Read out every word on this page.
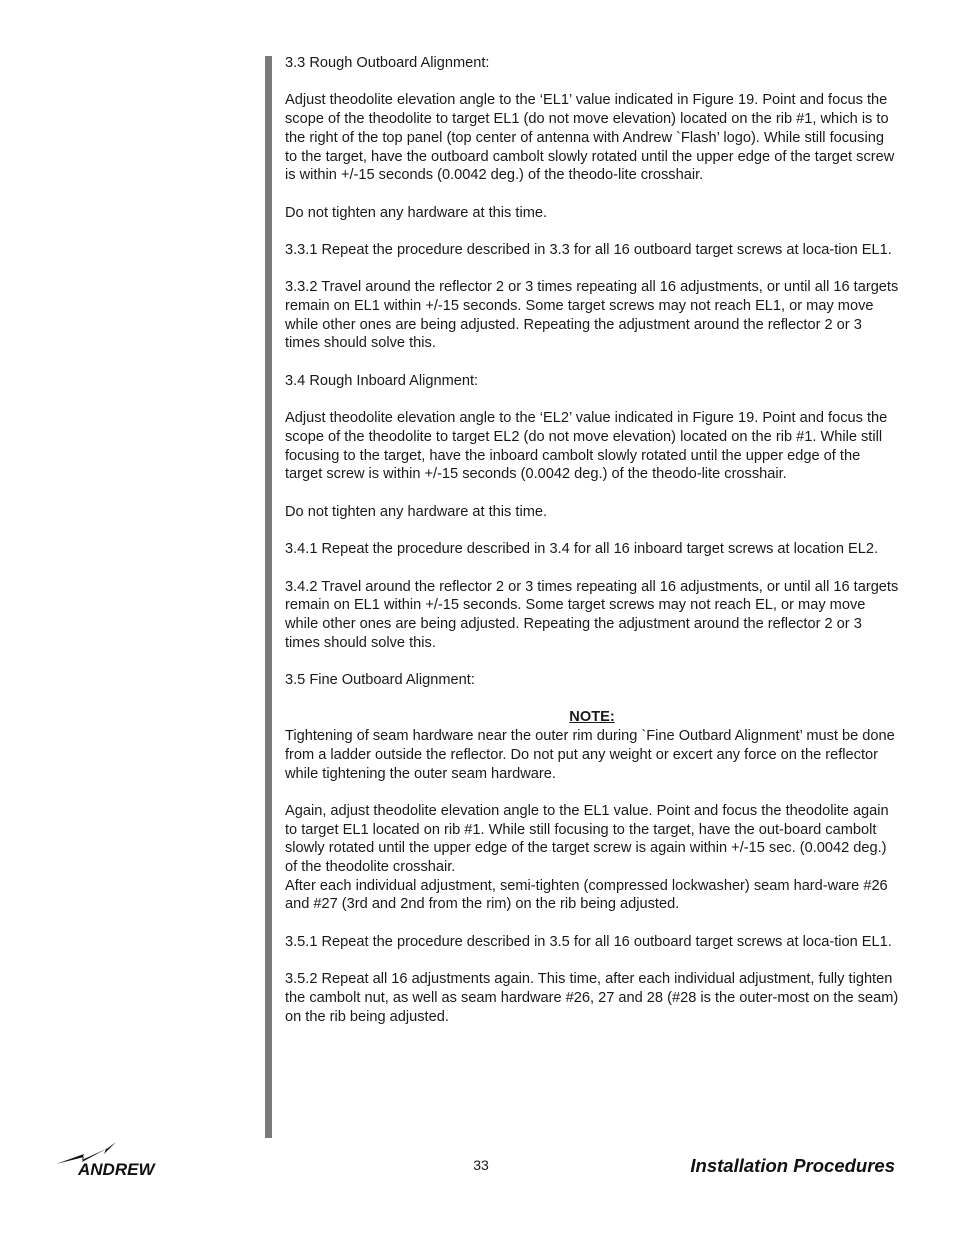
3.3 Rough Outboard Alignment:

Adjust theodolite elevation angle to the ‘EL1’ value indicated in Figure 19. Point and focus the scope of the theodolite to target EL1 (do not move elevation) located on the rib #1, which is to the right of the top panel (top center of antenna with Andrew `Flash’ logo). While still focusing to the target, have the outboard cambolt slowly rotated until the upper edge of the target screw is within +/-15 seconds (0.0042 deg.) of the theodo-lite crosshair.

Do not tighten any hardware at this time.

3.3.1 Repeat the procedure described in 3.3 for all 16 outboard target screws at loca-tion EL1.

3.3.2 Travel around the reflector 2 or 3 times repeating all 16 adjustments, or until all 16 targets remain on EL1 within +/-15 seconds. Some target screws may not reach EL1, or may move while other ones are being adjusted. Repeating the adjustment around the reflector 2 or 3 times should solve this.

3.4 Rough Inboard Alignment:

Adjust theodolite elevation angle to the ‘EL2’ value indicated in Figure 19. Point and focus the scope of the theodolite to target EL2 (do not move elevation) located on the rib #1. While still focusing to the target, have the inboard cambolt slowly rotated until the upper edge of the target screw is within +/-15 seconds (0.0042 deg.) of the theodo-lite crosshair.

Do not tighten any hardware at this time.

3.4.1 Repeat the procedure described in 3.4 for all 16 inboard target screws at location EL2.

3.4.2 Travel around the reflector 2 or 3 times repeating all 16 adjustments, or until all 16 targets remain on EL1 within +/-15 seconds. Some target screws may not reach EL, or may move while other ones are being adjusted. Repeating the adjustment around the reflector 2 or 3 times should solve this.

3.5 Fine Outboard Alignment:

NOTE:

Tightening of seam hardware near the outer rim during `Fine Outbard Alignment’ must be done from a ladder outside the reflector. Do not put any weight or excert any force on the reflector while tightening the outer seam hardware.

Again, adjust theodolite elevation angle to the EL1 value. Point and focus the theodolite again to target EL1 located on rib #1. While still focusing to the target, have the out-board cambolt slowly rotated until the upper edge of the target screw is again within +/-15 sec. (0.0042 deg.) of the theodolite crosshair.

After each individual adjustment, semi-tighten (compressed lockwasher) seam hard-ware #26 and #27 (3rd and 2nd from the rim) on the rib being adjusted.

3.5.1 Repeat the procedure described in 3.5 for all 16 outboard target screws at loca-tion EL1.

3.5.2 Repeat all 16 adjustments again. This time, after each individual adjustment, fully tighten the cambolt nut, as well as seam hardware #26, 27 and 28 (#28 is the outer-most on the seam) on the rib being adjusted.

ANDREW	33	Installation Procedures
